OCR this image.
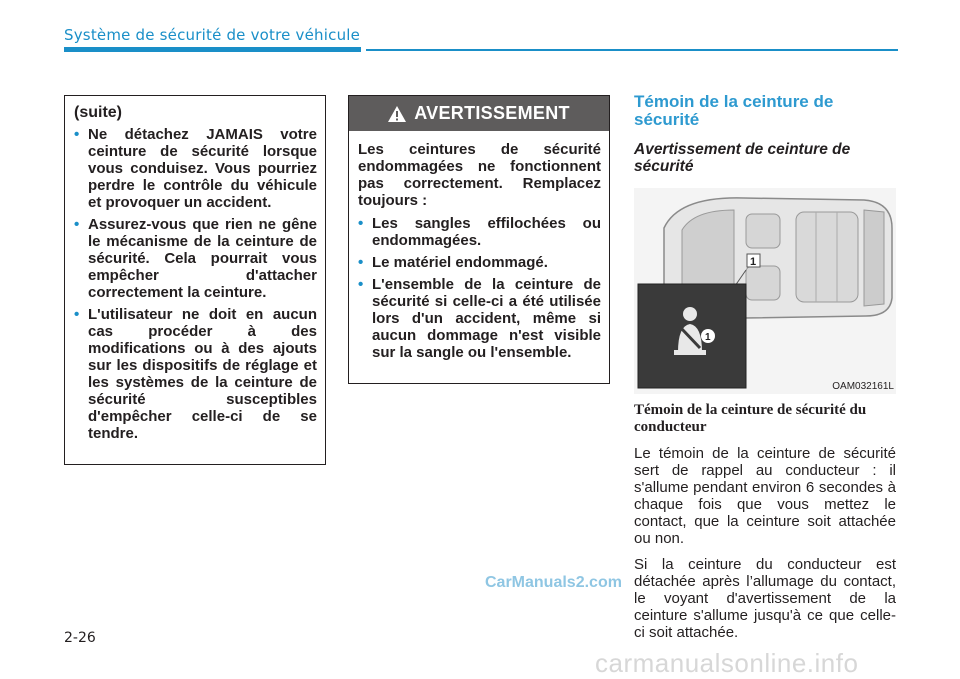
Système de sécurité de votre véhicule

(suite)

• Ne détachez JAMAIS votre ceinture de sécurité lorsque vous conduisez. Vous pourriez perdre le contrôle du véhicule et provoquer un accident.
• Assurez-vous que rien ne gêne le mécanisme de la ceinture de sécurité. Cela pourrait vous empêcher d'attacher correctement la ceinture.
• L'utilisateur ne doit en aucun cas procéder à des modifications ou à des ajouts sur les dispositifs de réglage et les systèmes de la ceinture de sécurité susceptibles d'empêcher celle-ci de se tendre.
AVERTISSEMENT

Les ceintures de sécurité endommagées ne fonctionnent pas correctement. Remplacez toujours :

• Les sangles effilochées ou endommagées.
• Le matériel endommagé.
• L'ensemble de la ceinture de sécurité si celle-ci a été utilisée lors d'un accident, même si aucun dommage n'est visible sur la sangle ou l'ensemble.
Témoin de la ceinture de sécurité
Avertissement de ceinture de sécurité
1
1
OAM032161L
Témoin de la ceinture de sécurité du conducteur

Le témoin de la ceinture de sécurité sert de rappel au conducteur : il s'allume pendant environ 6 secondes à chaque fois que vous mettez le contact, que la ceinture soit attachée ou non.

Si la ceinture du conducteur est détachée après l’allumage du contact, le voyant d'avertissement de la ceinture s'allume jusqu'à ce que celle-ci soit attachée.

2-26
CarManuals2.com
carmanualsonline.info
